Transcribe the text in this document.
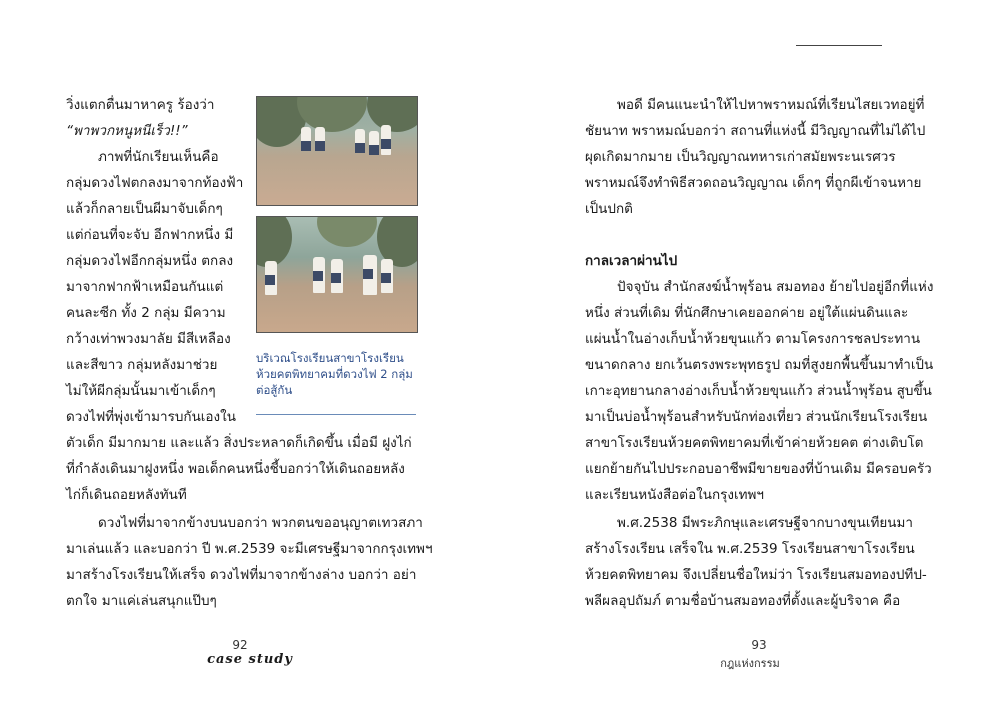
วิ่งแตกตื่นมาหาครู ร้องว่า
“พาพวกหนูหนีเร็ว!!”
ภาพที่นักเรียนเห็นคือ
กลุ่มดวงไฟตกลงมาจากท้องฟ้า
แล้วก็กลายเป็นผีมาจับเด็กๆ
แต่ก่อนที่จะจับ อีกฟากหนึ่ง มี
กลุ่มดวงไฟอีกกลุ่มหนึ่ง ตกลง
มาจากฟากฟ้าเหมือนกันแต่
คนละซีก ทั้ง 2 กลุ่ม มีความ
กว้างเท่าพวงมาลัย มีสีเหลือง
และสีขาว กลุ่มหลังมาช่วย
ไม่ให้ผีกลุ่มนั้นมาเข้าเด็กๆ
ดวงไฟที่พุ่งเข้ามารบกันเองใน
ตัวเด็ก มีมากมาย และแล้ว สิ่งประหลาดก็เกิดขึ้น เมื่อมี ฝูงไก่
ที่กำลังเดินมาฝูงหนึ่ง พอเด็กคนหนึ่งชี้บอกว่าให้เดินถอยหลัง
ไก่ก็เดินถอยหลังทันที
ดวงไฟที่มาจากข้างบนบอกว่า พวกตนขออนุญาตเทวสภา
มาเล่นแล้ว และบอกว่า ปี พ.ศ.2539 จะมีเศรษฐีมาจากกรุงเทพฯ
มาสร้างโรงเรียนให้เสร็จ ดวงไฟที่มาจากข้างล่าง บอกว่า อย่า
ตกใจ มาแค่เล่นสนุกแป๊บๆ
บริเวณโรงเรียนสาขาโรงเรียนห้วยคตพิทยาคมที่ดวงไฟ 2 กลุ่มต่อสู้กัน
92
case study
พอดี มีคนแนะนำให้ไปหาพราหมณ์ที่เรียนไสยเวทอยู่ที่
ชัยนาท พราหมณ์บอกว่า สถานที่แห่งนี้ มีวิญญาณที่ไม่ได้ไป
ผุดเกิดมากมาย เป็นวิญญาณทหารเก่าสมัยพระนเรศวร
พราหมณ์จึงทำพิธีสวดถอนวิญญาณ เด็กๆ ที่ถูกผีเข้าจนหาย
เป็นปกติ
กาลเวลาผ่านไป
ปัจจุบัน สำนักสงฆ์น้ำพุร้อน สมอทอง ย้ายไปอยู่อีกที่แห่ง
หนึ่ง ส่วนที่เดิม ที่นักศึกษาเคยออกค่าย อยู่ใต้แผ่นดินและ
แผ่นน้ำในอ่างเก็บน้ำห้วยขุนแก้ว ตามโครงการชลประทาน
ขนาดกลาง ยกเว้นตรงพระพุทธรูป ถมที่สูงยกพื้นขึ้นมาทำเป็น
เกาะอุทยานกลางอ่างเก็บน้ำห้วยขุนแก้ว ส่วนน้ำพุร้อน สูบขึ้น
มาเป็นบ่อน้ำพุร้อนสำหรับนักท่องเที่ยว ส่วนนักเรียนโรงเรียน
สาขาโรงเรียนห้วยคตพิทยาคมที่เข้าค่ายห้วยคต ต่างเติบโต
แยกย้ายกันไปประกอบอาชีพมีขายของที่บ้านเดิม มีครอบครัว
และเรียนหนังสือต่อในกรุงเทพฯ
พ.ศ.2538 มีพระภิกษุและเศรษฐีจากบางขุนเทียนมา
สร้างโรงเรียน เสร็จใน พ.ศ.2539 โรงเรียนสาขาโรงเรียน
ห้วยคตพิทยาคม จึงเปลี่ยนชื่อใหม่ว่า โรงเรียนสมอทองปทีป-
พลีผลอุปถัมภ์ ตามชื่อบ้านสมอทองที่ตั้งและผู้บริจาค คือ
93
กฎแห่งกรรม
